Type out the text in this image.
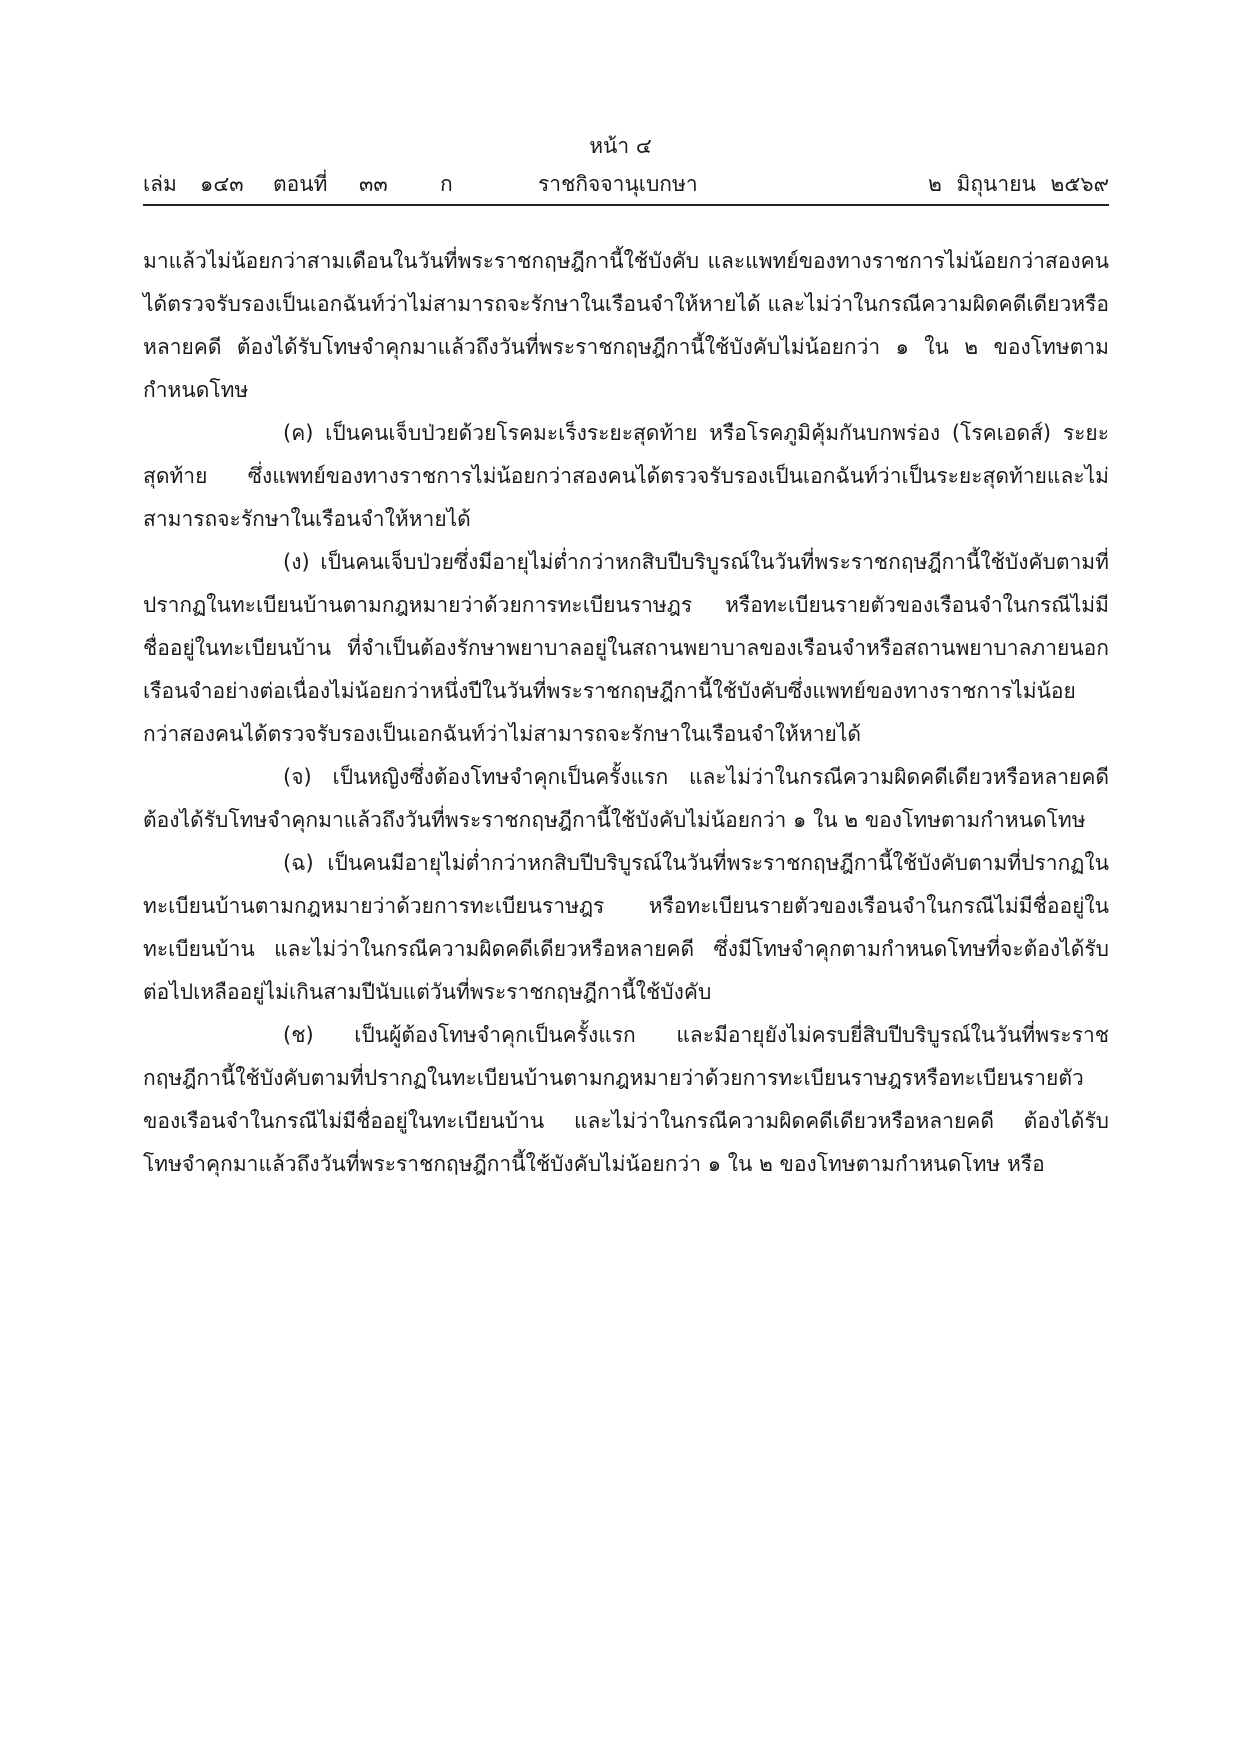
หน้า ๔
เล่ม ๑๔๓ ตอนที่ ๓๓ ก	ราชกิจจานุเบกษา	๒ มิถุนายน ๒๕๖๙

มาแล้วไม่น้อยกว่าสามเดือนในวันที่พระราชกฤษฎีกานี้ใช้บังคับ และแพทย์ของทางราชการไม่น้อยกว่าสองคนได้ตรวจรับรองเป็นเอกฉันท์ว่าไม่สามารถจะรักษาในเรือนจำให้หายได้ และไม่ว่าในกรณีความผิดคดีเดียวหรือหลายคดี ต้องได้รับโทษจำคุกมาแล้วถึงวันที่พระราชกฤษฎีกานี้ใช้บังคับไม่น้อยกว่า ๑ ใน ๒ ของโทษตามกำหนดโทษ

(ค) เป็นคนเจ็บป่วยด้วยโรคมะเร็งระยะสุดท้าย หรือโรคภูมิคุ้มกันบกพร่อง (โรคเอดส์) ระยะสุดท้าย ซึ่งแพทย์ของทางราชการไม่น้อยกว่าสองคนได้ตรวจรับรองเป็นเอกฉันท์ว่าเป็นระยะสุดท้ายและไม่สามารถจะรักษาในเรือนจำให้หายได้

(ง) เป็นคนเจ็บป่วยซึ่งมีอายุไม่ต่ำกว่าหกสิบปีบริบูรณ์ในวันที่พระราชกฤษฎีกานี้ใช้บังคับตามที่ปรากฏในทะเบียนบ้านตามกฎหมายว่าด้วยการทะเบียนราษฎร หรือทะเบียนรายตัวของเรือนจำในกรณีไม่มีชื่ออยู่ในทะเบียนบ้าน ที่จำเป็นต้องรักษาพยาบาลอยู่ในสถานพยาบาลของเรือนจำหรือสถานพยาบาลภายนอกเรือนจำอย่างต่อเนื่องไม่น้อยกว่าหนึ่งปีในวันที่พระราชกฤษฎีกานี้ใช้บังคับซึ่งแพทย์ของทางราชการไม่น้อยกว่าสองคนได้ตรวจรับรองเป็นเอกฉันท์ว่าไม่สามารถจะรักษาในเรือนจำให้หายได้

(จ) เป็นหญิงซึ่งต้องโทษจำคุกเป็นครั้งแรก และไม่ว่าในกรณีความผิดคดีเดียวหรือหลายคดีต้องได้รับโทษจำคุกมาแล้วถึงวันที่พระราชกฤษฎีกานี้ใช้บังคับไม่น้อยกว่า ๑ ใน ๒ ของโทษตามกำหนดโทษ

(ฉ) เป็นคนมีอายุไม่ต่ำกว่าหกสิบปีบริบูรณ์ในวันที่พระราชกฤษฎีกานี้ใช้บังคับตามที่ปรากฏในทะเบียนบ้านตามกฎหมายว่าด้วยการทะเบียนราษฎร หรือทะเบียนรายตัวของเรือนจำในกรณีไม่มีชื่ออยู่ในทะเบียนบ้าน และไม่ว่าในกรณีความผิดคดีเดียวหรือหลายคดี ซึ่งมีโทษจำคุกตามกำหนดโทษที่จะต้องได้รับต่อไปเหลืออยู่ไม่เกินสามปีนับแต่วันที่พระราชกฤษฎีกานี้ใช้บังคับ

(ช) เป็นผู้ต้องโทษจำคุกเป็นครั้งแรก และมีอายุยังไม่ครบยี่สิบปีบริบูรณ์ในวันที่พระราชกฤษฎีกานี้ใช้บังคับตามที่ปรากฏในทะเบียนบ้านตามกฎหมายว่าด้วยการทะเบียนราษฎรหรือทะเบียนรายตัวของเรือนจำในกรณีไม่มีชื่ออยู่ในทะเบียนบ้าน และไม่ว่าในกรณีความผิดคดีเดียวหรือหลายคดี ต้องได้รับโทษจำคุกมาแล้วถึงวันที่พระราชกฤษฎีกานี้ใช้บังคับไม่น้อยกว่า ๑ ใน ๒ ของโทษตามกำหนดโทษ หรือ
